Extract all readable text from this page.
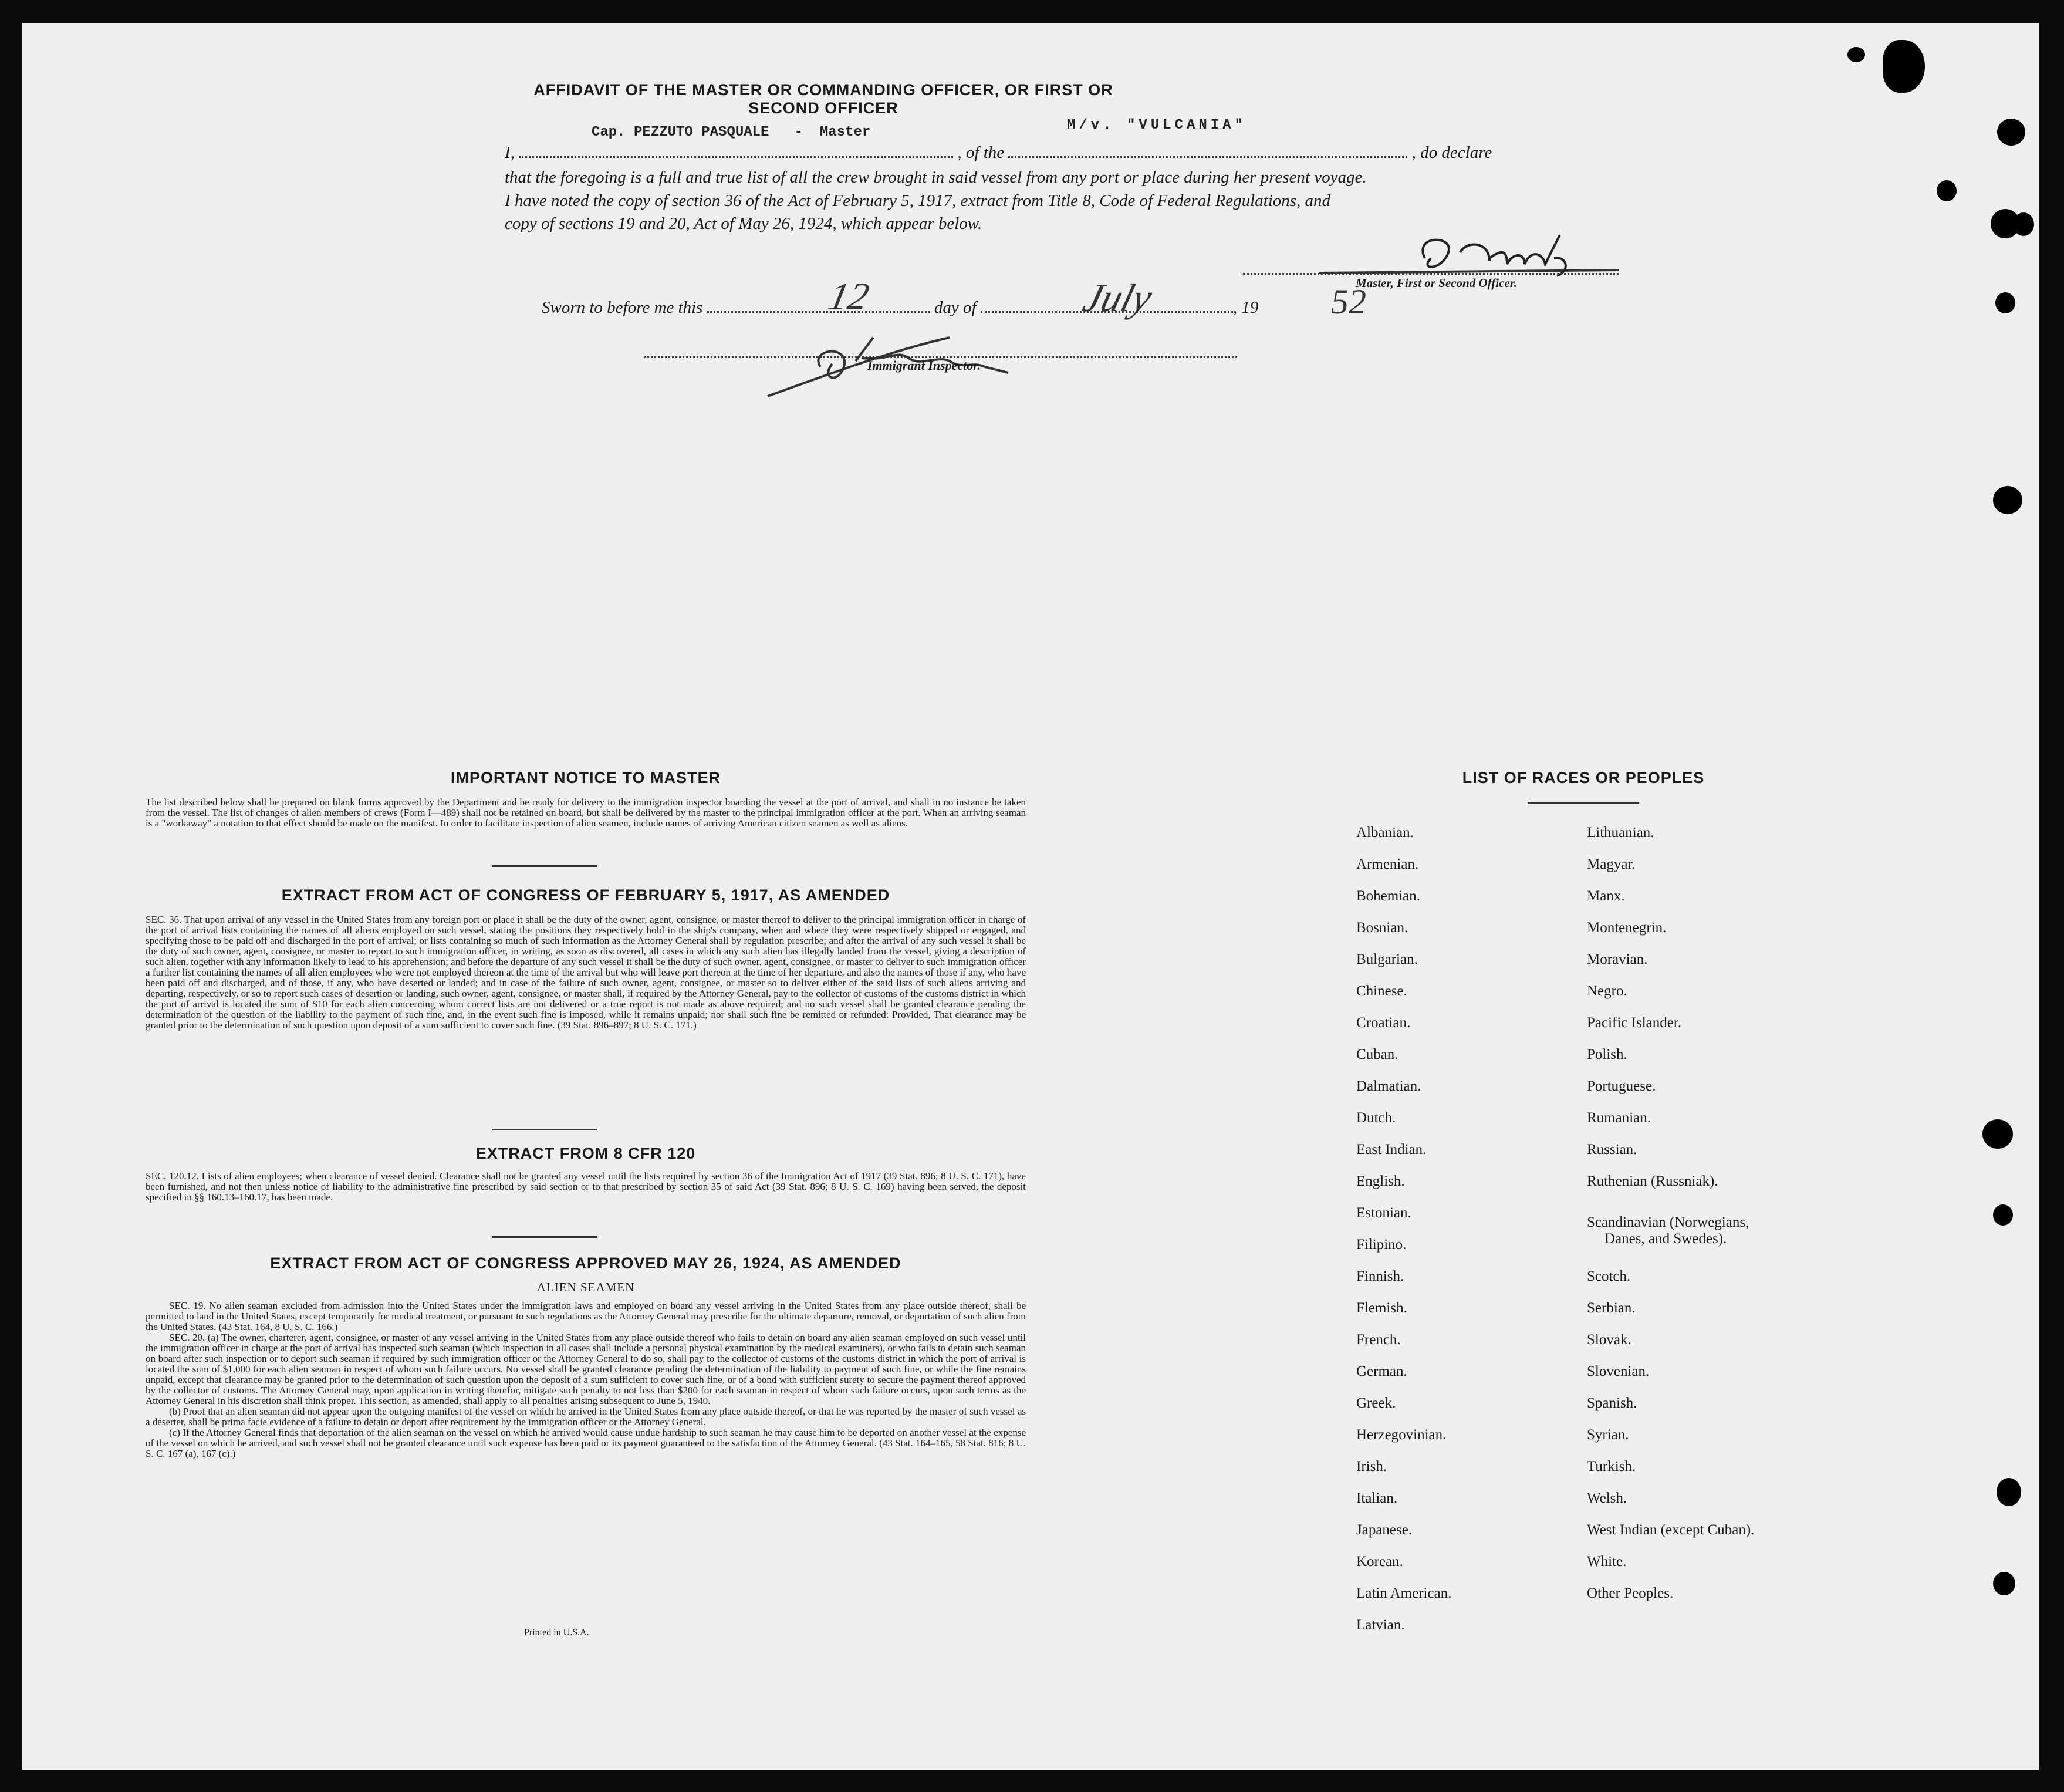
AFFIDAVIT OF THE MASTER OR COMMANDING OFFICER, OR FIRST OR SECOND OFFICER
Cap. PEZZUTO PASQUALE   -  Master	M/v. "VULCANIA"
I,	, of the	, do declare
that the foregoing is a full and true list of all the crew brought in said vessel from any port or place during her present voyage.
I have noted the copy of section 36 of the Act of February 5, 1917, extract from Title 8, Code of Federal Regulations, and
copy of sections 19 and 20, Act of May 26, 1924, which appear below.
Master, First or Second Officer.
Sworn to before me this	day of	, 19
12	July	52
Immigrant Inspector.
IMPORTANT NOTICE TO MASTER
The list described below shall be prepared on blank forms approved by the Department and be ready for delivery to the immigration inspector boarding the vessel at the port of arrival, and shall in no instance be taken from the vessel. The list of changes of alien members of crews (Form I—489) shall not be retained on board, but shall be delivered by the master to the principal immigration officer at the port. When an arriving seaman is a "workaway" a notation to that effect should be made on the manifest. In order to facilitate inspection of alien seamen, include names of arriving American citizen seamen as well as aliens.
EXTRACT FROM ACT OF CONGRESS OF FEBRUARY 5, 1917, AS AMENDED
SEC. 36. That upon arrival of any vessel in the United States from any foreign port or place it shall be the duty of the owner, agent, consignee, or master thereof to deliver to the principal immigration officer in charge of the port of arrival lists containing the names of all aliens employed on such vessel, stating the positions they respectively hold in the ship's company, when and where they were respectively shipped or engaged, and specifying those to be paid off and discharged in the port of arrival; or lists containing so much of such information as the Attorney General shall by regulation prescribe; and after the arrival of any such vessel it shall be the duty of such owner, agent, consignee, or master to report to such immigration officer, in writing, as soon as discovered, all cases in which any such alien has illegally landed from the vessel, giving a description of such alien, together with any information likely to lead to his apprehension; and before the departure of any such vessel it shall be the duty of such owner, agent, consignee, or master to deliver to such immigration officer a further list containing the names of all alien employees who were not employed thereon at the time of the arrival but who will leave port thereon at the time of her departure, and also the names of those if any, who have been paid off and discharged, and of those, if any, who have deserted or landed; and in case of the failure of such owner, agent, consignee, or master so to deliver either of the said lists of such aliens arriving and departing, respectively, or so to report such cases of desertion or landing, such owner, agent, consignee, or master shall, if required by the Attorney General, pay to the collector of customs of the customs district in which the port of arrival is located the sum of $10 for each alien concerning whom correct lists are not delivered or a true report is not made as above required; and no such vessel shall be granted clearance pending the determination of the question of the liability to the payment of such fine, and, in the event such fine is imposed, while it remains unpaid; nor shall such fine be remitted or refunded: Provided, That clearance may be granted prior to the determination of such question upon deposit of a sum sufficient to cover such fine. (39 Stat. 896–897; 8 U. S. C. 171.)
EXTRACT FROM 8 CFR 120
SEC. 120.12. Lists of alien employees; when clearance of vessel denied. Clearance shall not be granted any vessel until the lists required by section 36 of the Immigration Act of 1917 (39 Stat. 896; 8 U. S. C. 171), have been furnished, and not then unless notice of liability to the administrative fine prescribed by said section or to that prescribed by section 35 of said Act (39 Stat. 896; 8 U. S. C. 169) having been served, the deposit specified in §§ 160.13–160.17, has been made.
EXTRACT FROM ACT OF CONGRESS APPROVED MAY 26, 1924, AS AMENDED
ALIEN SEAMEN
SEC. 19. No alien seaman excluded from admission into the United States under the immigration laws and employed on board any vessel arriving in the United States from any place outside thereof, shall be permitted to land in the United States, except temporarily for medical treatment, or pursuant to such regulations as the Attorney General may prescribe for the ultimate departure, removal, or deportation of such alien from the United States. (43 Stat. 164, 8 U. S. C. 166.)
SEC. 20. (a) The owner, charterer, agent, consignee, or master of any vessel arriving in the United States from any place outside thereof who fails to detain on board any alien seaman employed on such vessel until the immigration officer in charge at the port of arrival has inspected such seaman (which inspection in all cases shall include a personal physical examination by the medical examiners), or who fails to detain such seaman on board after such inspection or to deport such seaman if required by such immigration officer or the Attorney General to do so, shall pay to the collector of customs of the customs district in which the port of arrival is located the sum of $1,000 for each alien seaman in respect of whom such failure occurs. No vessel shall be granted clearance pending the determination of the liability to payment of such fine, or while the fine remains unpaid, except that clearance may be granted prior to the determination of such question upon the deposit of a sum sufficient to cover such fine, or of a bond with sufficient surety to secure the payment thereof approved by the collector of customs. The Attorney General may, upon application in writing therefor, mitigate such penalty to not less than $200 for each seaman in respect of whom such failure occurs, upon such terms as the Attorney General in his discretion shall think proper. This section, as amended, shall apply to all penalties arising subsequent to June 5, 1940.
(b) Proof that an alien seaman did not appear upon the outgoing manifest of the vessel on which he arrived in the United States from any place outside thereof, or that he was reported by the master of such vessel as a deserter, shall be prima facie evidence of a failure to detain or deport after requirement by the immigration officer or the Attorney General.
(c) If the Attorney General finds that deportation of the alien seaman on the vessel on which he arrived would cause undue hardship to such seaman he may cause him to be deported on another vessel at the expense of the vessel on which he arrived, and such vessel shall not be granted clearance until such expense has been paid or its payment guaranteed to the satisfaction of the Attorney General. (43 Stat. 164–165, 58 Stat. 816; 8 U. S. C. 167 (a), 167 (c).)
Printed in U.S.A.
LIST OF RACES OR PEOPLES
Albanian.
Armenian.
Bohemian.
Bosnian.
Bulgarian.
Chinese.
Croatian.
Cuban.
Dalmatian.
Dutch.
East Indian.
English.
Estonian.
Filipino.
Finnish.
Flemish.
French.
German.
Greek.
Herzegovinian.
Irish.
Italian.
Japanese.
Korean.
Latin American.
Latvian.
Lithuanian.
Magyar.
Manx.
Montenegrin.
Moravian.
Negro.
Pacific Islander.
Polish.
Portuguese.
Rumanian.
Russian.
Ruthenian (Russniak).
Scandinavian (Norwegians,
Danes, and Swedes).
Scotch.
Serbian.
Slovak.
Slovenian.
Spanish.
Syrian.
Turkish.
Welsh.
West Indian (except Cuban).
White.
Other Peoples.
